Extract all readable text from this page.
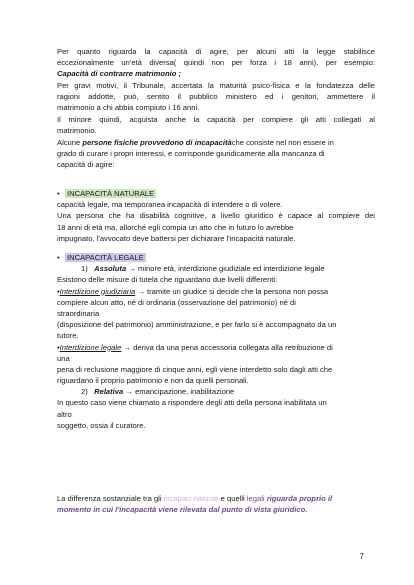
Per quanto riguarda la capacità di agire, per alcuni atti la legge stabilisce
eccezionalmente un'età diversa( quindi non per forza i 18 anni), per esempio:
Capacità di contrarre matrimonio ;
Per gravi motivi, il Tribunale, accertata la maturità psico-fisica e la fondatezza delle
ragioni addotte, può, sentito il pubblico ministero ed i genitori, ammettere il
matrimonio a chi abbia compiuto i 16 anni.
Il minore quindi, acquista anche la capacità per compiere gli atti collegati al
matrimonio.
Alcune persone fisiche provvedono di incapacitàche consiste nel non essere in
grado di curare i propri interessi, e corrisponde giuridicamente alla mancanza di
capacità di agire:
• INCAPACITÀ NATURALE
capacità legale, ma temporanea incapacità di intendere o di volere.
Una persona che ha disabilità cognitive, a livello giuridico è capace al compiere dei
18 anni di età ma, allorché egli compia un atto che in futuro lo avrebbe
impugnato, l'avvocato deve battersi per dichiarare l'incapacità naturale.
• INCAPACITÀ LEGALE
1) Assoluta → minore età, interdizione giudiziale ed interdizione legale
Esistono delle misure di tutela che riguardano due livelli differenti:
•Interdizione giudiziaria → tramite un giudice si decide che la persona non possa
compiere alcun atto, né di ordinaria (osservazione del patrimonio) né di
straordinaria
(disposizione del patrimonio) amministrazione, e per farlo si è accompagnato da un
tutore.
•Interdizione legale → deriva da una pena accessoria collegata alla retribuzione di
una
pena di reclusione maggiore di cinque anni, egli viene interdetto solo dagli atti che
riguardano il proprio patrimonio e non da quelli personali.
2) Relativa → emancipazione, inabilitazione
In questo caso viene chiamato a rispondere degli atti della persona inabilitata un
altro
soggetto, ossia il curatore.
La differenza sostanziale tra gli incapaci naturali e quelli legali riguarda proprio il
momento in cui l'incapacità viene rilevata dal punto di vista giuridico.
7
